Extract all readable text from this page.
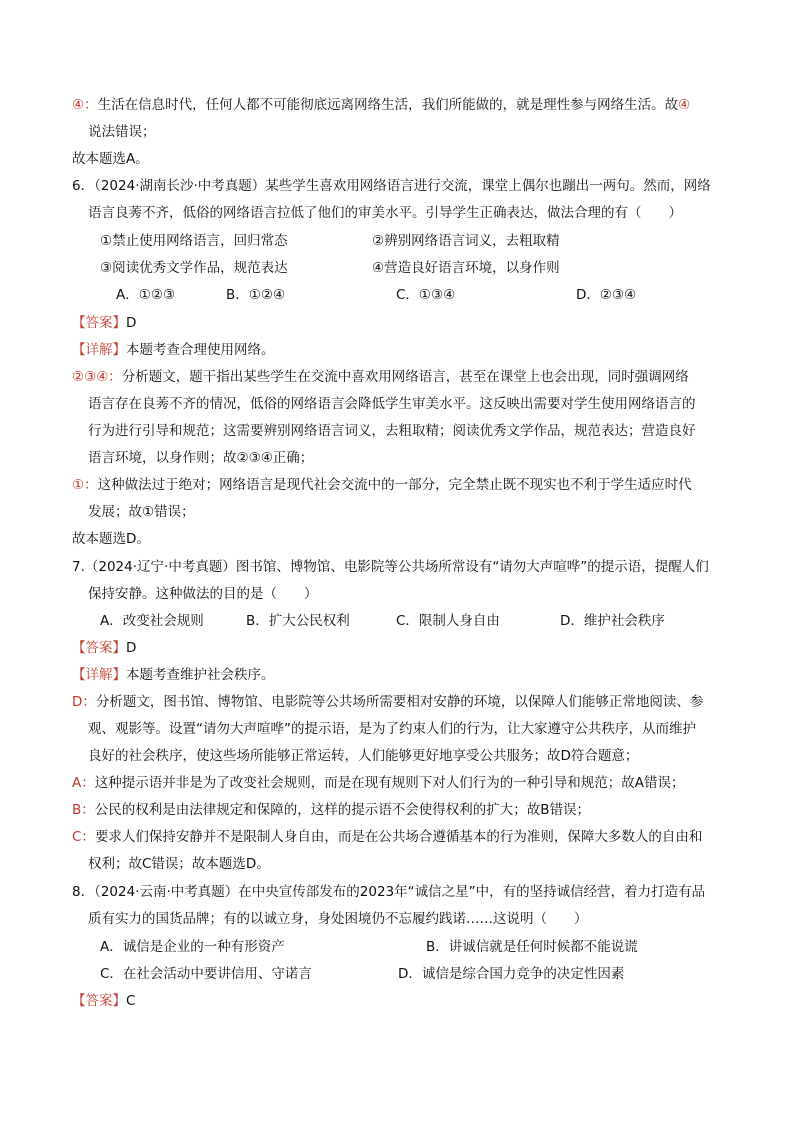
④：生活在信息时代，任何人都不可能彻底远离网络生活，我们所能做的，就是理性参与网络生活。故④
说法错误；
故本题选A。
6．（2024·湖南长沙·中考真题）某些学生喜欢用网络语言进行交流，课堂上偶尔也蹦出一两句。然而，网络
语言良莠不齐，低俗的网络语言拉低了他们的审美水平。引导学生正确表达，做法合理的有（　　）
①禁止使用网络语言，回归常态	②辨别网络语言词义，去粗取精
③阅读优秀文学作品，规范表达	④营造良好语言环境，以身作则
A．①②③	B．①②④	C．①③④	D．②③④
【答案】D
【详解】本题考查合理使用网络。
②③④：分析题文，题干指出某些学生在交流中喜欢用网络语言，甚至在课堂上也会出现，同时强调网络
语言存在良莠不齐的情况，低俗的网络语言会降低学生审美水平。这反映出需要对学生使用网络语言的
行为进行引导和规范；这需要辨别网络语言词义，去粗取精；阅读优秀文学作品，规范表达；营造良好
语言环境，以身作则；故②③④正确；
①：这种做法过于绝对；网络语言是现代社会交流中的一部分，完全禁止既不现实也不利于学生适应时代
发展；故①错误；
故本题选D。
7.（2024·辽宁·中考真题）图书馆、博物馆、电影院等公共场所常设有“请勿大声喧哗”的提示语，提醒人们
保持安静。这种做法的目的是（　　）
A．改变社会规则	B．扩大公民权利	C．限制人身自由	D．维护社会秩序
【答案】D
【详解】本题考查维护社会秩序。
D：分析题文，图书馆、博物馆、电影院等公共场所需要相对安静的环境，以保障人们能够正常地阅读、参
观、观影等。设置“请勿大声喧哗”的提示语，是为了约束人们的行为，让大家遵守公共秩序，从而维护
良好的社会秩序，使这些场所能够正常运转，人们能够更好地享受公共服务；故D符合题意；
A：这种提示语并非是为了改变社会规则，而是在现有规则下对人们行为的一种引导和规范；故A错误；
B：公民的权利是由法律规定和保障的，这样的提示语不会使得权利的扩大；故B错误；
C：要求人们保持安静并不是限制人身自由，而是在公共场合遵循基本的行为准则，保障大多数人的自由和
权利；故C错误；故本题选D。
8．（2024·云南·中考真题）在中央宣传部发布的2023年“诚信之星”中，有的坚持诚信经营，着力打造有品
质有实力的国货品牌；有的以诚立身，身处困境仍不忘履约践诺……这说明（　　）
A．诚信是企业的一种有形资产	B．讲诚信就是任何时候都不能说谎
C．在社会活动中要讲信用、守诺言	D．诚信是综合国力竞争的决定性因素
【答案】C
